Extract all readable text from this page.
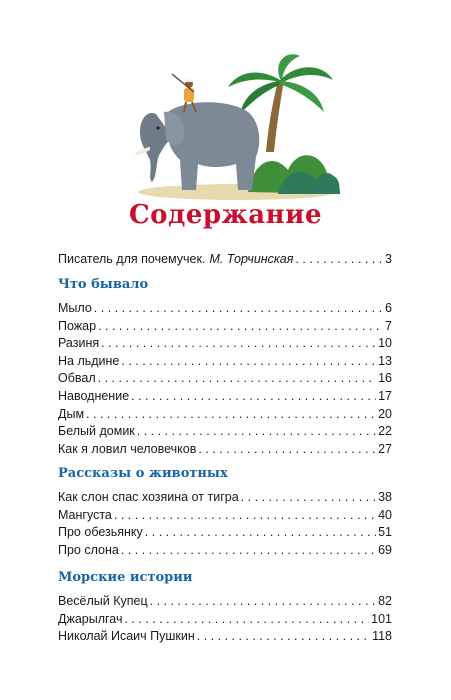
Содержание
Писатель для почемучек. М. Торчинская . . .	3
Что бывало
Мыло . . .	6
Пожар . . .	7
Разиня . . .	10
На льдине . . .	13
Обвал . . .	16
Наводнение . . .	17
Дым . . .	20
Белый домик . . .	22
Как я ловил человечков . . .	27
Рассказы о животных
Как слон спас хозяина от тигра . . .	38
Мангуста . . .	40
Про обезьянку . . .	51
Про слона . . .	69
Морские истории
Весёлый Купец . . .	82
Джарылгач . . .	101
Николай Исаич Пушкин . . .	118
